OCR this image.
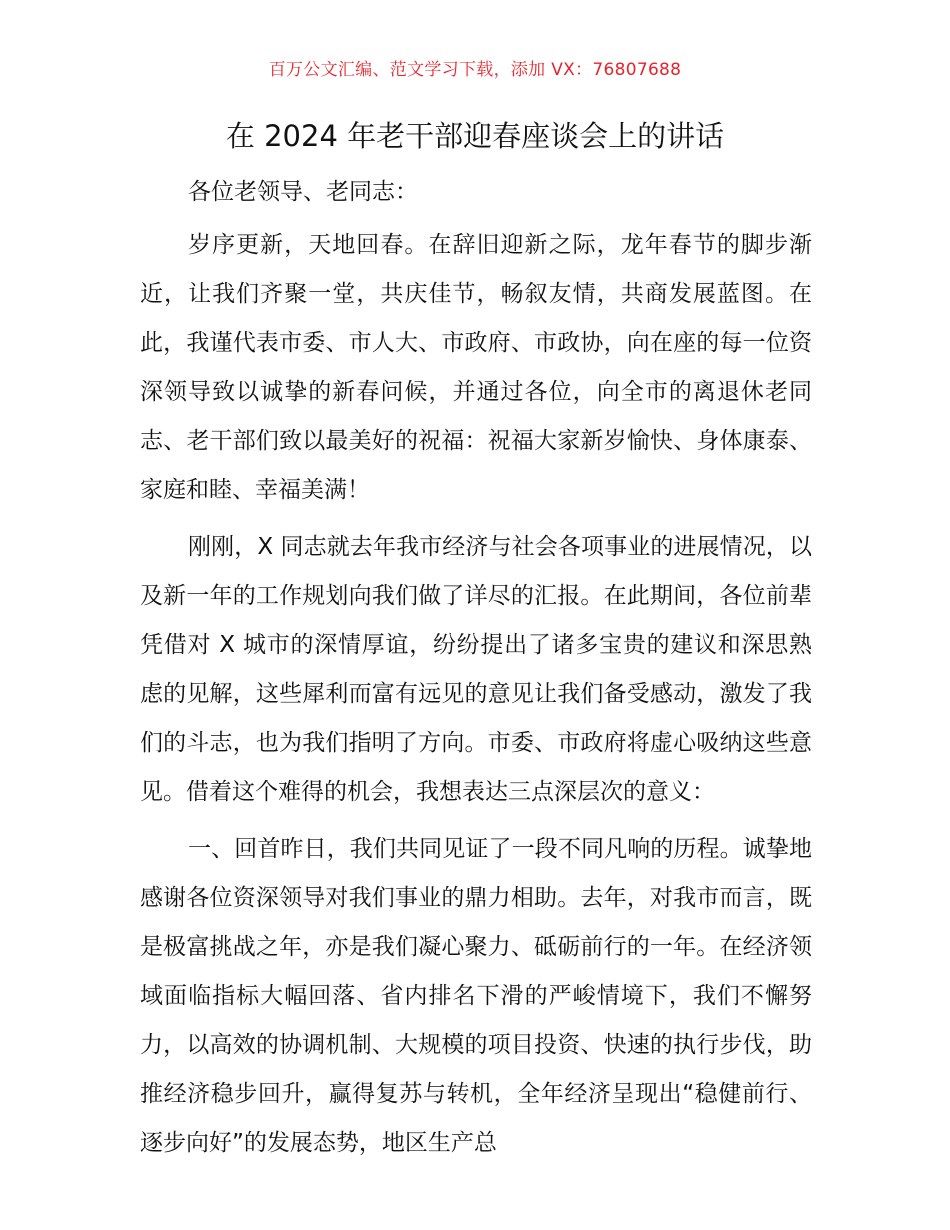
百万公文汇编、范文学习下载，添加 VX：76807688
在 2024 年老干部迎春座谈会上的讲话

各位老领导、老同志：

岁序更新，天地回春。在辞旧迎新之际，龙年春节的脚步渐近，让我们齐聚一堂，共庆佳节，畅叙友情，共商发展蓝图。在此，我谨代表市委、市人大、市政府、市政协，向在座的每一位资深领导致以诚挚的新春问候，并通过各位，向全市的离退休老同志、老干部们致以最美好的祝福：祝福大家新岁愉快、身体康泰、家庭和睦、幸福美满！

刚刚，X 同志就去年我市经济与社会各项事业的进展情况，以及新一年的工作规划向我们做了详尽的汇报。在此期间，各位前辈凭借对 X 城市的深情厚谊，纷纷提出了诸多宝贵的建议和深思熟虑的见解，这些犀利而富有远见的意见让我们备受感动，激发了我们的斗志，也为我们指明了方向。市委、市政府将虚心吸纳这些意见。借着这个难得的机会，我想表达三点深层次的意义：

一、回首昨日，我们共同见证了一段不同凡响的历程。诚挚地感谢各位资深领导对我们事业的鼎力相助。去年，对我市而言，既是极富挑战之年，亦是我们凝心聚力、砥砺前行的一年。在经济领域面临指标大幅回落、省内排名下滑的严峻情境下，我们不懈努力，以高效的协调机制、大规模的项目投资、快速的执行步伐，助推经济稳步回升，赢得复苏与转机，全年经济呈现出“稳健前行、逐步向好”的发展态势，地区生产总
